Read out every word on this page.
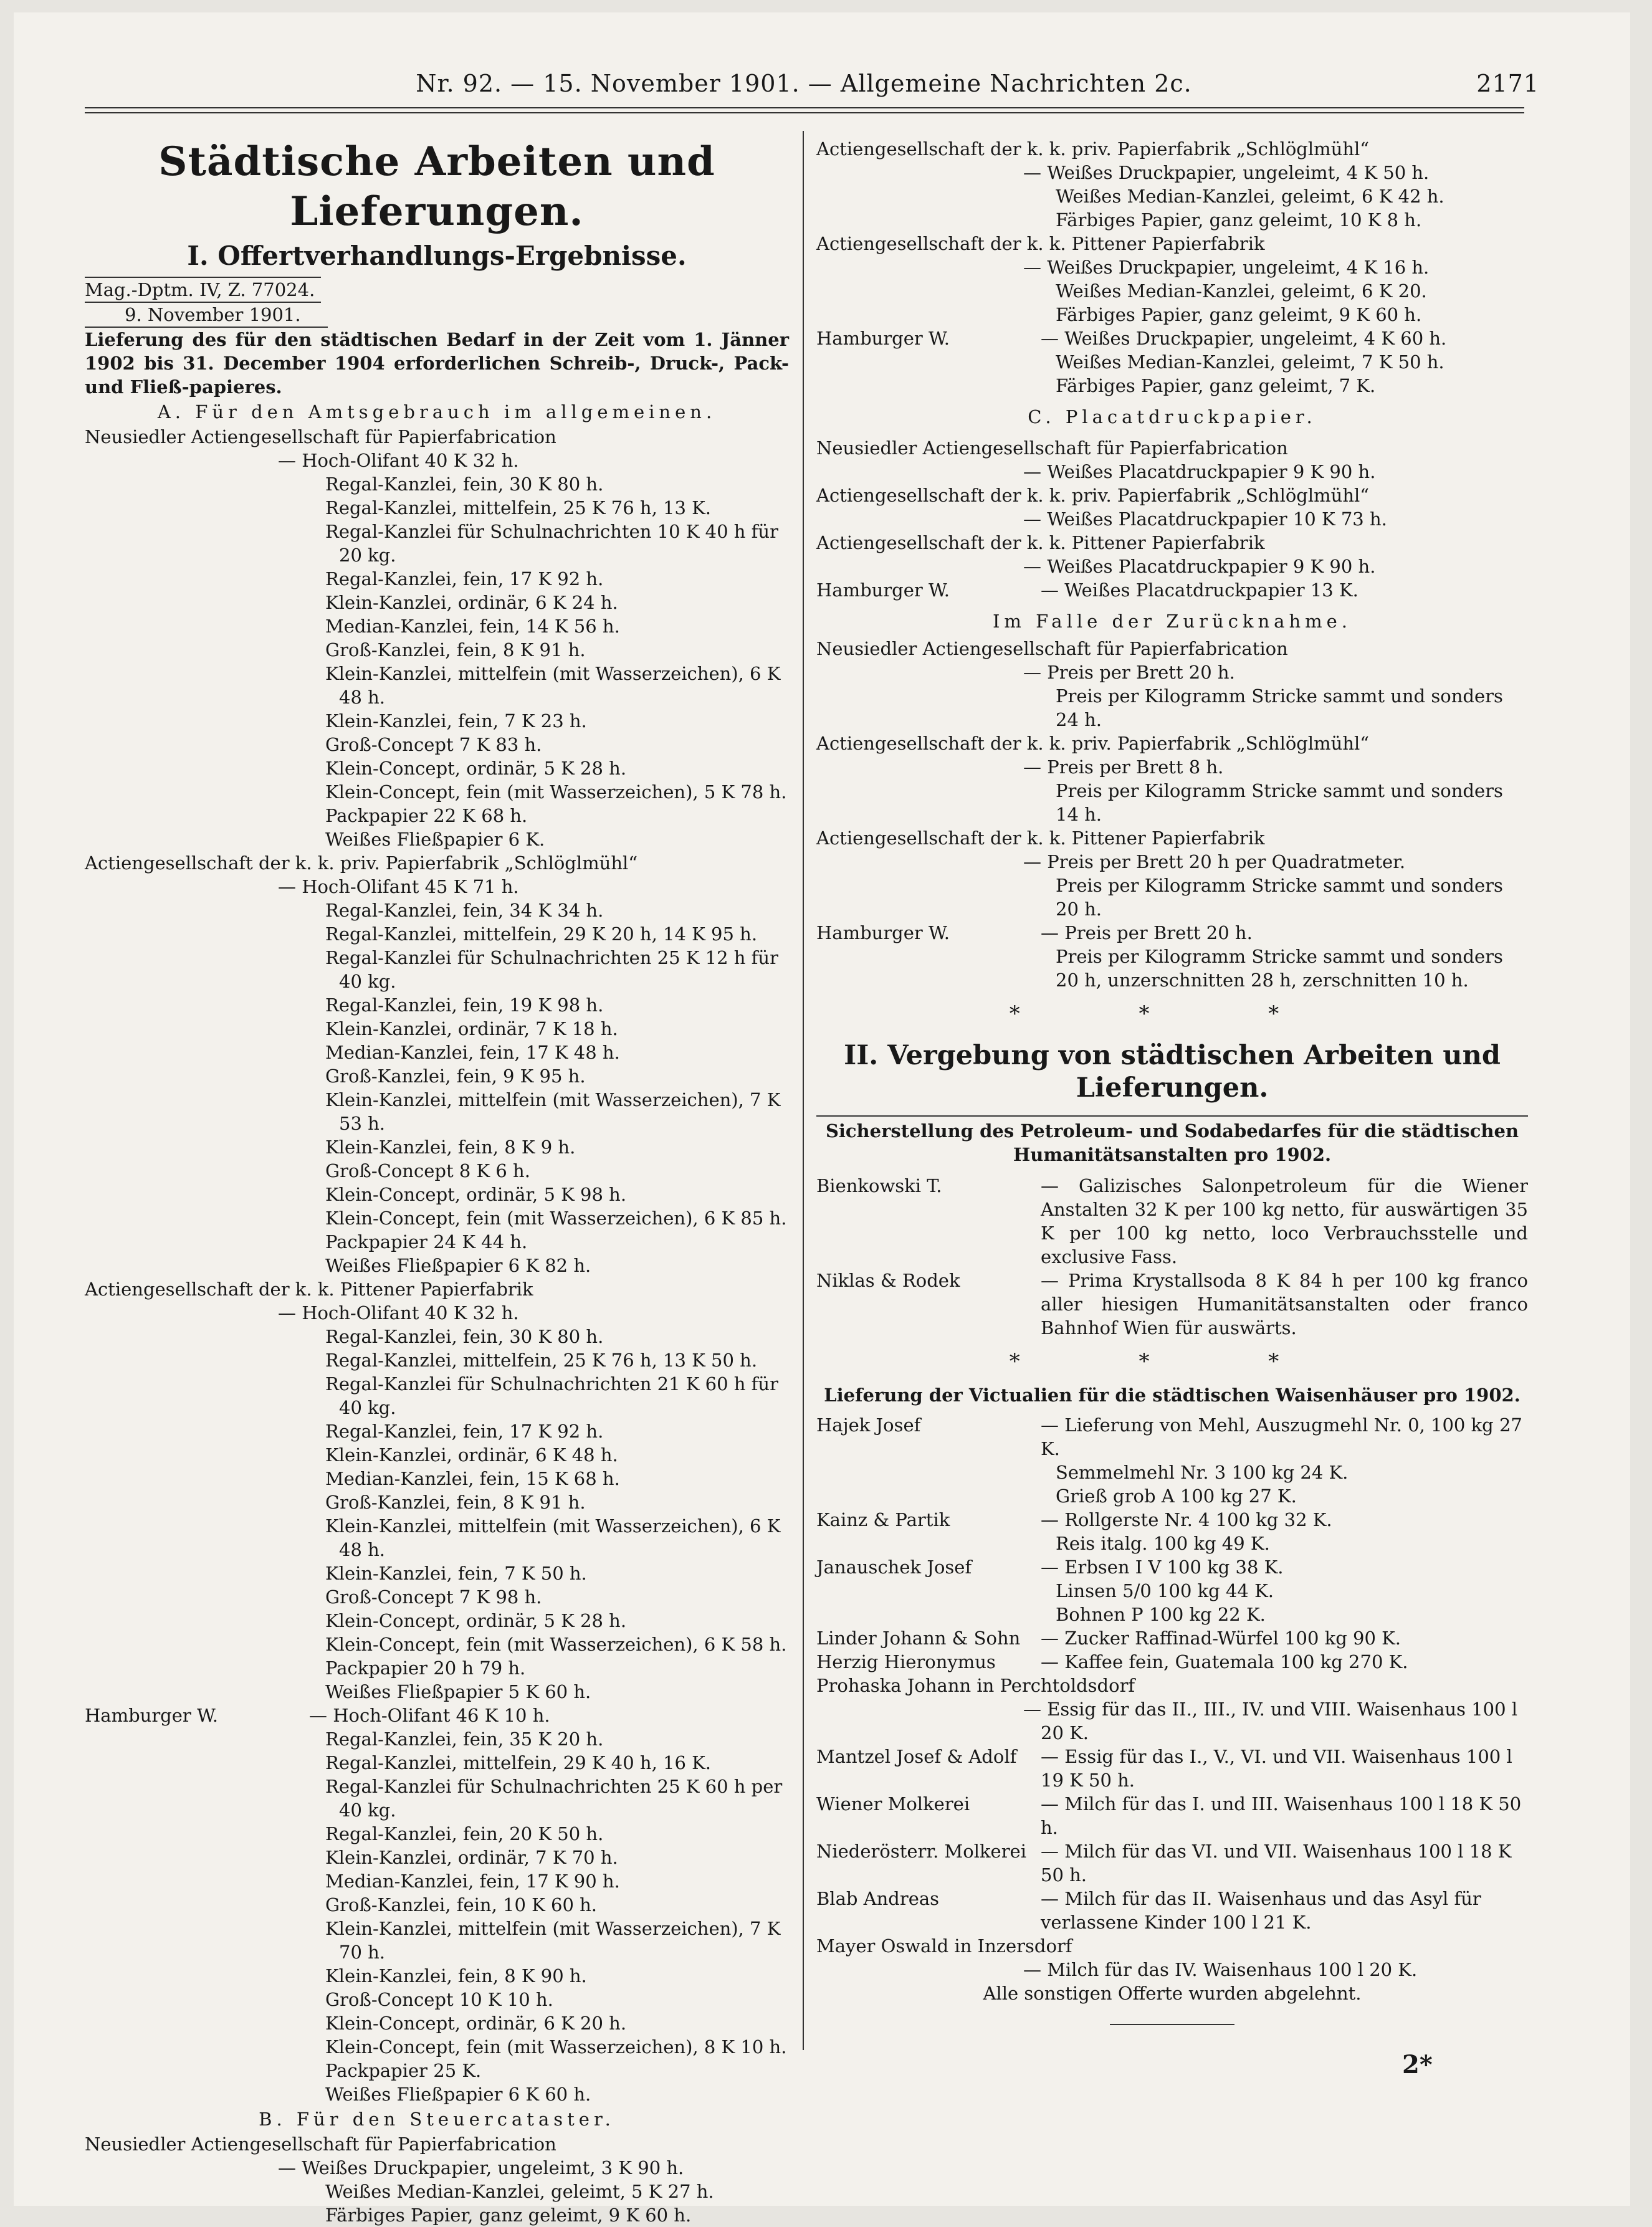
Nr. 92. — 15. November 1901. — Allgemeine Nachrichten 2c.	2171
Städtische Arbeiten und Lieferungen.
I. Offertverhandlungs-Ergebnisse.
Mag.-Dptm. IV, Z. 77024.
9. November 1901.
Lieferung des für den städtischen Bedarf in der Zeit vom 1. Jänner 1902 bis 31. December 1904 erforderlichen Schreib-, Druck-, Pack- und Fließ-papieres.
A. Für den Amtsgebrauch im allgemeinen.
Neusiedler Actiengesellschaft für Papierfabrication
— Hoch-Olifant 40 K 32 h.
Regal-Kanzlei, fein, 30 K 80 h.
Regal-Kanzlei, mittelfein, 25 K 76 h, 13 K.
Regal-Kanzlei für Schulnachrichten 10 K 40 h für 20 kg.
Regal-Kanzlei, fein, 17 K 92 h.
Klein-Kanzlei, ordinär, 6 K 24 h.
Median-Kanzlei, fein, 14 K 56 h.
Groß-Kanzlei, fein, 8 K 91 h.
Klein-Kanzlei, mittelfein (mit Wasserzeichen), 6 K 48 h.
Klein-Kanzlei, fein, 7 K 23 h.
Groß-Concept 7 K 83 h.
Klein-Concept, ordinär, 5 K 28 h.
Klein-Concept, fein (mit Wasserzeichen), 5 K 78 h.
Packpapier 22 K 68 h.
Weißes Fließpapier 6 K.
Actiengesellschaft der k. k. priv. Papierfabrik „Schlöglmühl“
— Hoch-Olifant 45 K 71 h.
Regal-Kanzlei, fein, 34 K 34 h.
Regal-Kanzlei, mittelfein, 29 K 20 h, 14 K 95 h.
Regal-Kanzlei für Schulnachrichten 25 K 12 h für 40 kg.
Regal-Kanzlei, fein, 19 K 98 h.
Klein-Kanzlei, ordinär, 7 K 18 h.
Median-Kanzlei, fein, 17 K 48 h.
Groß-Kanzlei, fein, 9 K 95 h.
Klein-Kanzlei, mittelfein (mit Wasserzeichen), 7 K 53 h.
Klein-Kanzlei, fein, 8 K 9 h.
Groß-Concept 8 K 6 h.
Klein-Concept, ordinär, 5 K 98 h.
Klein-Concept, fein (mit Wasserzeichen), 6 K 85 h.
Packpapier 24 K 44 h.
Weißes Fließpapier 6 K 82 h.
Actiengesellschaft der k. k. Pittener Papierfabrik
— Hoch-Olifant 40 K 32 h.
Regal-Kanzlei, fein, 30 K 80 h.
Regal-Kanzlei, mittelfein, 25 K 76 h, 13 K 50 h.
Regal-Kanzlei für Schulnachrichten 21 K 60 h für 40 kg.
Regal-Kanzlei, fein, 17 K 92 h.
Klein-Kanzlei, ordinär, 6 K 48 h.
Median-Kanzlei, fein, 15 K 68 h.
Groß-Kanzlei, fein, 8 K 91 h.
Klein-Kanzlei, mittelfein (mit Wasserzeichen), 6 K 48 h.
Klein-Kanzlei, fein, 7 K 50 h.
Groß-Concept 7 K 98 h.
Klein-Concept, ordinär, 5 K 28 h.
Klein-Concept, fein (mit Wasserzeichen), 6 K 58 h.
Packpapier 20 h 79 h.
Weißes Fließpapier 5 K 60 h.
Hamburger W.	— Hoch-Olifant 46 K 10 h.
Regal-Kanzlei, fein, 35 K 20 h.
Regal-Kanzlei, mittelfein, 29 K 40 h, 16 K.
Regal-Kanzlei für Schulnachrichten 25 K 60 h per 40 kg.
Regal-Kanzlei, fein, 20 K 50 h.
Klein-Kanzlei, ordinär, 7 K 70 h.
Median-Kanzlei, fein, 17 K 90 h.
Groß-Kanzlei, fein, 10 K 60 h.
Klein-Kanzlei, mittelfein (mit Wasserzeichen), 7 K 70 h.
Klein-Kanzlei, fein, 8 K 90 h.
Groß-Concept 10 K 10 h.
Klein-Concept, ordinär, 6 K 20 h.
Klein-Concept, fein (mit Wasserzeichen), 8 K 10 h.
Packpapier 25 K.
Weißes Fließpapier 6 K 60 h.
B. Für den Steuercataster.
Neusiedler Actiengesellschaft für Papierfabrication
— Weißes Druckpapier, ungeleimt, 3 K 90 h.
Weißes Median-Kanzlei, geleimt, 5 K 27 h.
Färbiges Papier, ganz geleimt, 9 K 60 h.
Actiengesellschaft der k. k. priv. Papierfabrik „Schlöglmühl“
— Weißes Druckpapier, ungeleimt, 4 K 50 h.
Weißes Median-Kanzlei, geleimt, 6 K 42 h.
Färbiges Papier, ganz geleimt, 10 K 8 h.
Actiengesellschaft der k. k. Pittener Papierfabrik
— Weißes Druckpapier, ungeleimt, 4 K 16 h.
Weißes Median-Kanzlei, geleimt, 6 K 20.
Färbiges Papier, ganz geleimt, 9 K 60 h.
Hamburger W.	— Weißes Druckpapier, ungeleimt, 4 K 60 h.
Weißes Median-Kanzlei, geleimt, 7 K 50 h.
Färbiges Papier, ganz geleimt, 7 K.
C. Placatdruckpapier.
Neusiedler Actiengesellschaft für Papierfabrication
— Weißes Placatdruckpapier 9 K 90 h.
Actiengesellschaft der k. k. priv. Papierfabrik „Schlöglmühl“
— Weißes Placatdruckpapier 10 K 73 h.
Actiengesellschaft der k. k. Pittener Papierfabrik
— Weißes Placatdruckpapier 9 K 90 h.
Hamburger W.	— Weißes Placatdruckpapier 13 K.
Im Falle der Zurücknahme.
Neusiedler Actiengesellschaft für Papierfabrication
— Preis per Brett 20 h.
Preis per Kilogramm Stricke sammt und sonders 24 h.
Actiengesellschaft der k. k. priv. Papierfabrik „Schlöglmühl“
— Preis per Brett 8 h.
Preis per Kilogramm Stricke sammt und sonders 14 h.
Actiengesellschaft der k. k. Pittener Papierfabrik
— Preis per Brett 20 h per Quadratmeter.
Preis per Kilogramm Stricke sammt und sonders 20 h.
Hamburger W.	— Preis per Brett 20 h.
Preis per Kilogramm Stricke sammt und sonders 20 h, unzerschnitten 28 h, zerschnitten 10 h.
* * *
II. Vergebung von städtischen Arbeiten und Lieferungen.
Sicherstellung des Petroleum- und Sodabedarfes für die städtischen Humanitätsanstalten pro 1902.
Bienkowski T.	— Galizisches Salonpetroleum für die Wiener Anstalten 32 K per 100 kg netto, für auswärtigen 35 K per 100 kg netto, loco Verbrauchsstelle und exclusive Fass.
Niklas & Rodek	— Prima Krystallsoda 8 K 84 h per 100 kg franco aller hiesigen Humanitätsanstalten oder franco Bahnhof Wien für auswärts.
* * *
Lieferung der Victualien für die städtischen Waisenhäuser pro 1902.
Hajek Josef	— Lieferung von Mehl, Auszugmehl Nr. 0, 100 kg 27 K.
Semmelmehl Nr. 3 100 kg 24 K.
Grieß grob A 100 kg 27 K.
Kainz & Partik	— Rollgerste Nr. 4 100 kg 32 K.
Reis italg. 100 kg 49 K.
Janauschek Josef	— Erbsen I V 100 kg 38 K.
Linsen 5/0 100 kg 44 K.
Bohnen P 100 kg 22 K.
Linder Johann & Sohn	— Zucker Raffinad-Würfel 100 kg 90 K.
Herzig Hieronymus	— Kaffee fein, Guatemala 100 kg 270 K.
Prohaska Johann in Perchtoldsdorf
— Essig für das II., III., IV. und VIII. Waisenhaus 100 l 20 K.
Mantzel Josef & Adolf	— Essig für das I., V., VI. und VII. Waisenhaus 100 l 19 K 50 h.
Wiener Molkerei	— Milch für das I. und III. Waisenhaus 100 l 18 K 50 h.
Niederösterr. Molkerei — Milch für das VI. und VII. Waisenhaus 100 l 18 K 50 h.
Blab Andreas	— Milch für das II. Waisenhaus und das Asyl für verlassene Kinder 100 l 21 K.
Mayer Oswald in Inzersdorf
— Milch für das IV. Waisenhaus 100 l 20 K.
Alle sonstigen Offerte wurden abgelehnt.
2*
